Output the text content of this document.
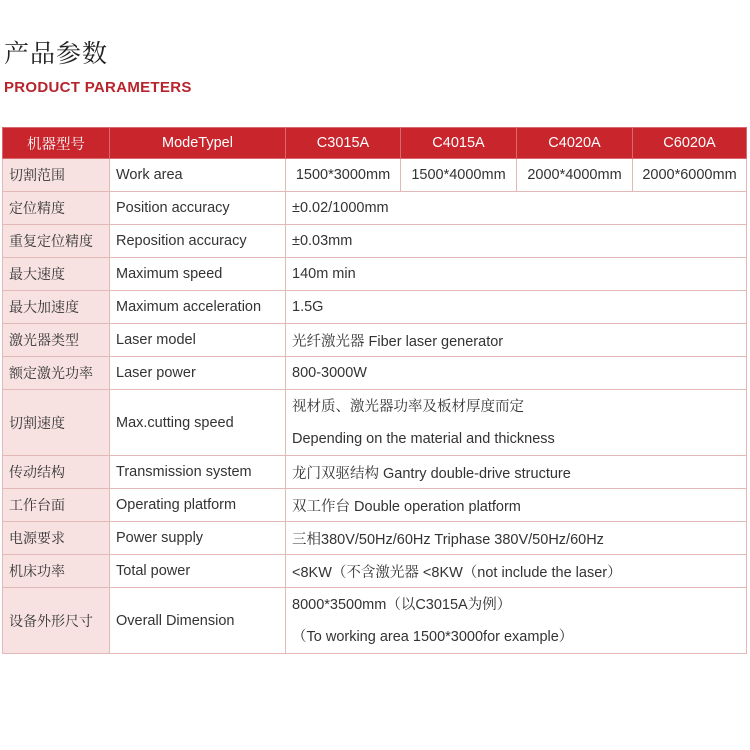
产品参数
PRODUCT PARAMETERS
机器型号	ModeTypel	C3015A	C4015A	C4020A	C6020A
切割范围	Work area	1500*3000mm	1500*4000mm	2000*4000mm	2000*6000mm
定位精度	Position accuracy	±0.02/1000mm			
重复定位精度	Reposition accuracy	±0.03mm			
最大速度	Maximum speed	140m min			
最大加速度	Maximum acceleration	1.5G			
激光器类型	Laser model	光纤激光器 Fiber laser generator			
额定激光功率	Laser power	800-3000W			
切割速度	Max.cutting speed	视材质、激光器功率及板材厚度而定
Depending on the material and thickness			

传动结构	Transmission system	龙门双驱结构 Gantry double-drive structure			
工作台面	Operating platform	双工作台 Double operation platform			
电源要求	Power supply	三相380V/50Hz/60Hz Triphase 380V/50Hz/60Hz			
机床功率	Total power	<8KW（不含激光器 <8KW（not include the laser）			
设备外形尺寸	Overall Dimension	8000*3500mm（以C3015A为例）
（To working area 1500*3000for example）			
